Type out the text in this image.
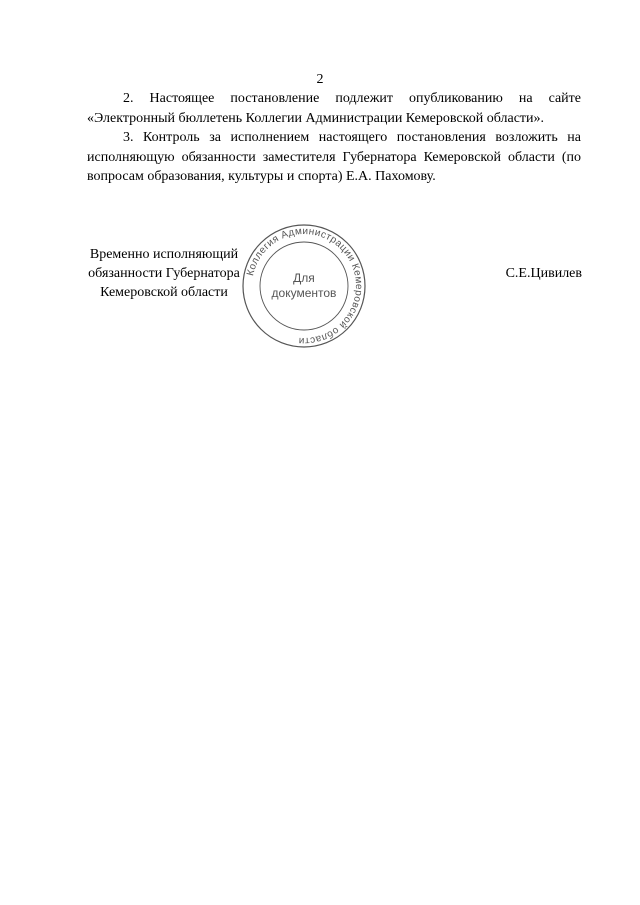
2

2. Настоящее постановление подлежит опубликованию на сайте «Электронный бюллетень Коллегии Администрации Кемеровской области».

3. Контроль за исполнением настоящего постановления возложить на исполняющую обязанности заместителя Губернатора Кемеровской области (по вопросам образования, культуры и спорта) Е.А. Пахомову.

Временно исполняющий
обязанности Губернатора
Кемеровской области
Коллегия Администрации Кемеровской области
Для
документов
С.Е.Цивилев
